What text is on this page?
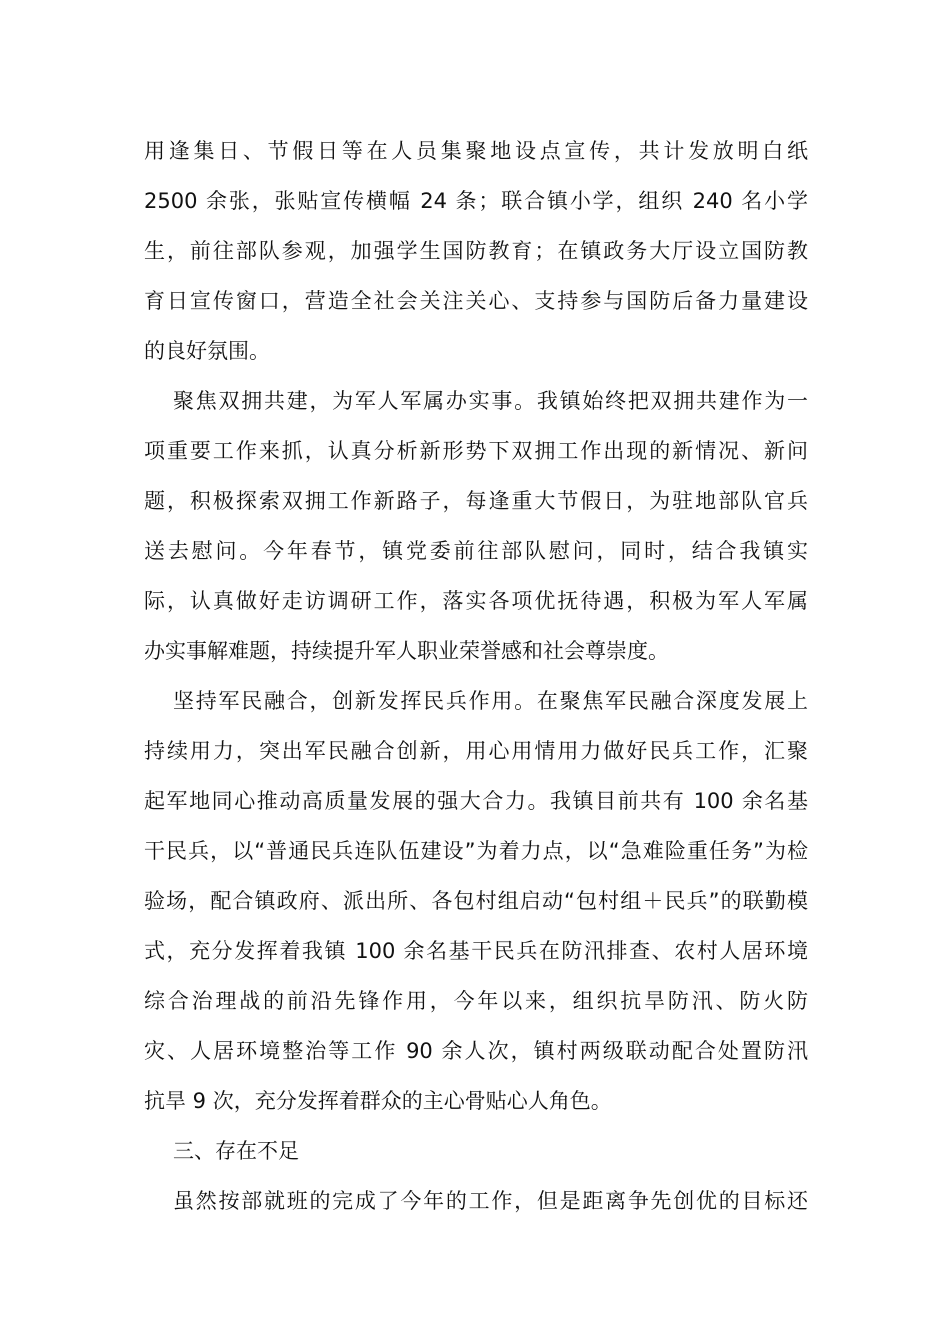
用逢集日、节假日等在人员集聚地设点宣传，共计发放明白纸
2500 余张，张贴宣传横幅 24 条；联合镇小学，组织 240 名小学
生，前往部队参观，加强学生国防教育；在镇政务大厅设立国防教
育日宣传窗口，营造全社会关注关心、支持参与国防后备力量建设
的良好氛围。
聚焦双拥共建，为军人军属办实事。我镇始终把双拥共建作为一
项重要工作来抓，认真分析新形势下双拥工作出现的新情况、新问
题，积极探索双拥工作新路子，每逢重大节假日，为驻地部队官兵
送去慰问。今年春节，镇党委前往部队慰问，同时，结合我镇实
际，认真做好走访调研工作，落实各项优抚待遇，积极为军人军属
办实事解难题，持续提升军人职业荣誉感和社会尊崇度。
坚持军民融合，创新发挥民兵作用。在聚焦军民融合深度发展上
持续用力，突出军民融合创新，用心用情用力做好民兵工作，汇聚
起军地同心推动高质量发展的强大合力。我镇目前共有 100 余名基
干民兵，以“普通民兵连队伍建设”为着力点，以“急难险重任务”为检
验场，配合镇政府、派出所、各包村组启动“包村组＋民兵”的联勤模
式，充分发挥着我镇 100 余名基干民兵在防汛排查、农村人居环境
综合治理战的前沿先锋作用，今年以来，组织抗旱防汛、防火防
灾、人居环境整治等工作 90 余人次，镇村两级联动配合处置防汛
抗旱 9 次，充分发挥着群众的主心骨贴心人角色。
三、存在不足
虽然按部就班的完成了今年的工作，但是距离争先创优的目标还
